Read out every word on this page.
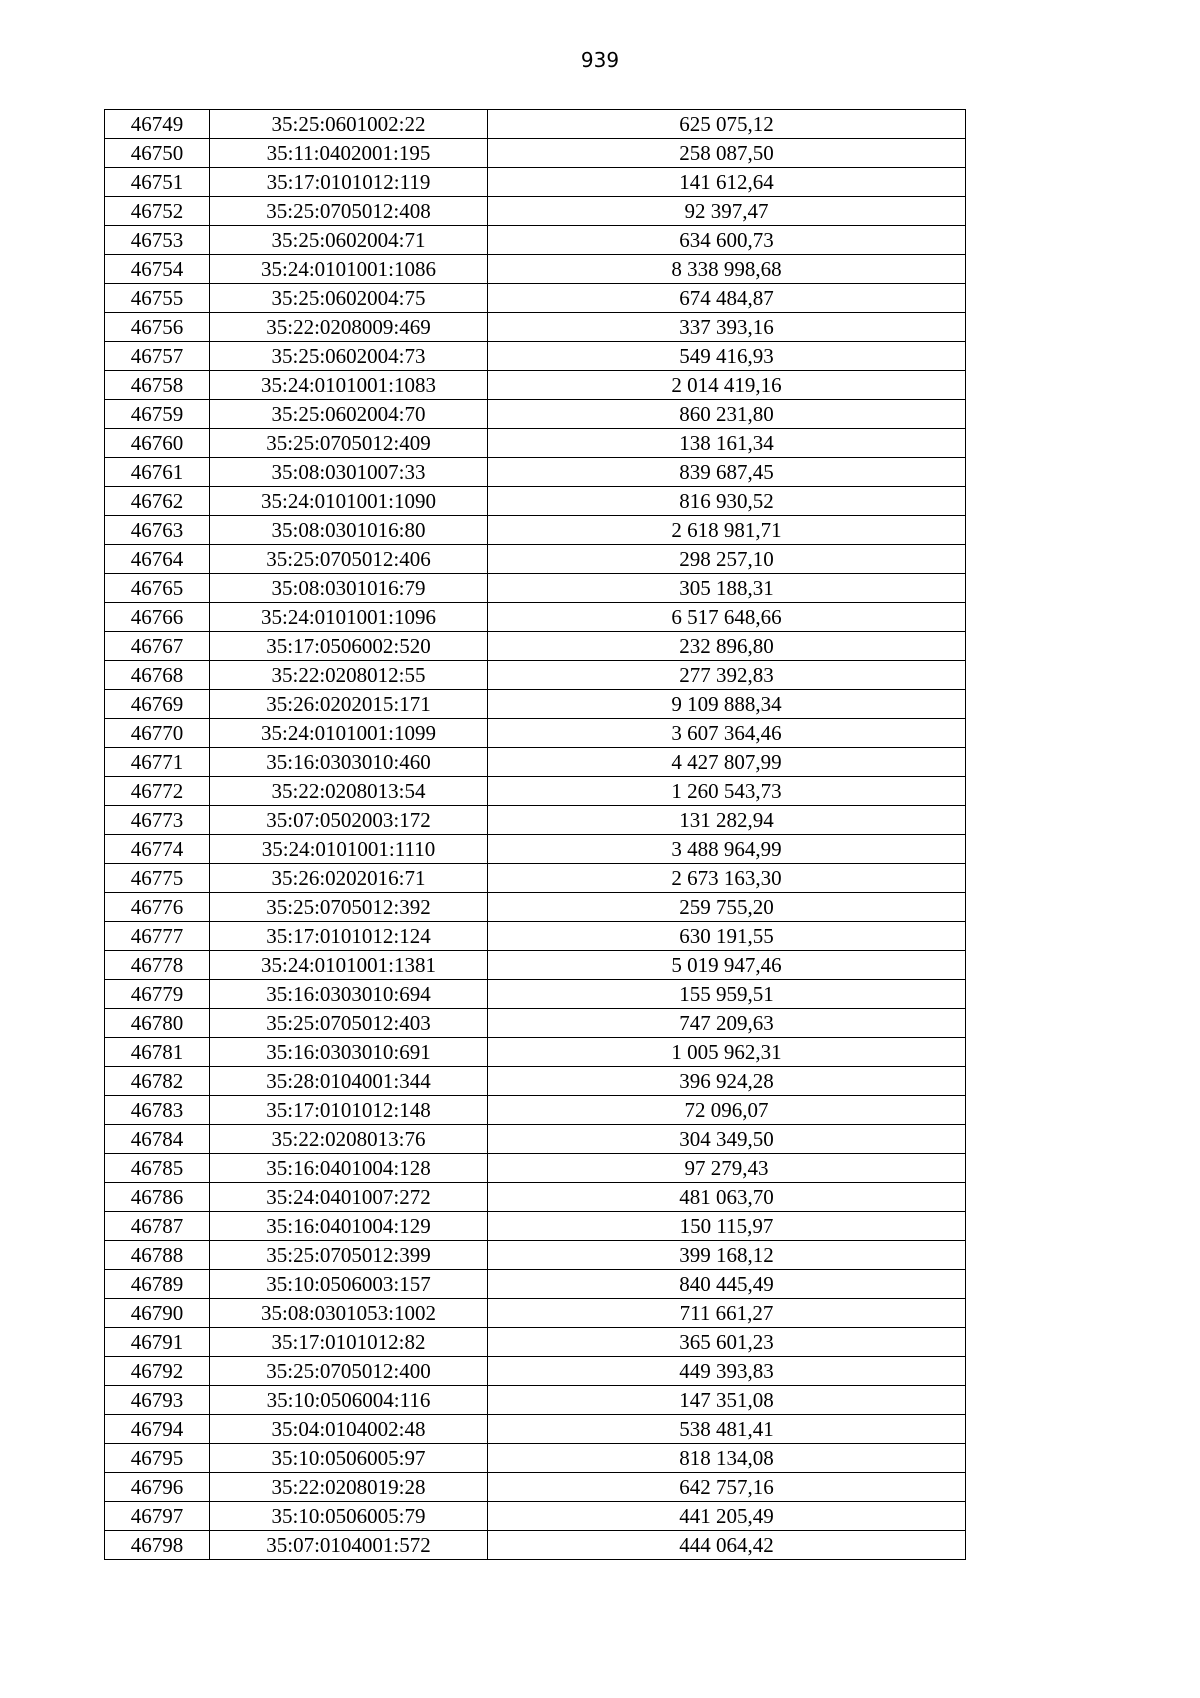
939
46749	35:25:0601002:22	625 075,12
46750	35:11:0402001:195	258 087,50
46751	35:17:0101012:119	141 612,64
46752	35:25:0705012:408	92 397,47
46753	35:25:0602004:71	634 600,73
46754	35:24:0101001:1086	8 338 998,68
46755	35:25:0602004:75	674 484,87
46756	35:22:0208009:469	337 393,16
46757	35:25:0602004:73	549 416,93
46758	35:24:0101001:1083	2 014 419,16
46759	35:25:0602004:70	860 231,80
46760	35:25:0705012:409	138 161,34
46761	35:08:0301007:33	839 687,45
46762	35:24:0101001:1090	816 930,52
46763	35:08:0301016:80	2 618 981,71
46764	35:25:0705012:406	298 257,10
46765	35:08:0301016:79	305 188,31
46766	35:24:0101001:1096	6 517 648,66
46767	35:17:0506002:520	232 896,80
46768	35:22:0208012:55	277 392,83
46769	35:26:0202015:171	9 109 888,34
46770	35:24:0101001:1099	3 607 364,46
46771	35:16:0303010:460	4 427 807,99
46772	35:22:0208013:54	1 260 543,73
46773	35:07:0502003:172	131 282,94
46774	35:24:0101001:1110	3 488 964,99
46775	35:26:0202016:71	2 673 163,30
46776	35:25:0705012:392	259 755,20
46777	35:17:0101012:124	630 191,55
46778	35:24:0101001:1381	5 019 947,46
46779	35:16:0303010:694	155 959,51
46780	35:25:0705012:403	747 209,63
46781	35:16:0303010:691	1 005 962,31
46782	35:28:0104001:344	396 924,28
46783	35:17:0101012:148	72 096,07
46784	35:22:0208013:76	304 349,50
46785	35:16:0401004:128	97 279,43
46786	35:24:0401007:272	481 063,70
46787	35:16:0401004:129	150 115,97
46788	35:25:0705012:399	399 168,12
46789	35:10:0506003:157	840 445,49
46790	35:08:0301053:1002	711 661,27
46791	35:17:0101012:82	365 601,23
46792	35:25:0705012:400	449 393,83
46793	35:10:0506004:116	147 351,08
46794	35:04:0104002:48	538 481,41
46795	35:10:0506005:97	818 134,08
46796	35:22:0208019:28	642 757,16
46797	35:10:0506005:79	441 205,49
46798	35:07:0104001:572	444 064,42
